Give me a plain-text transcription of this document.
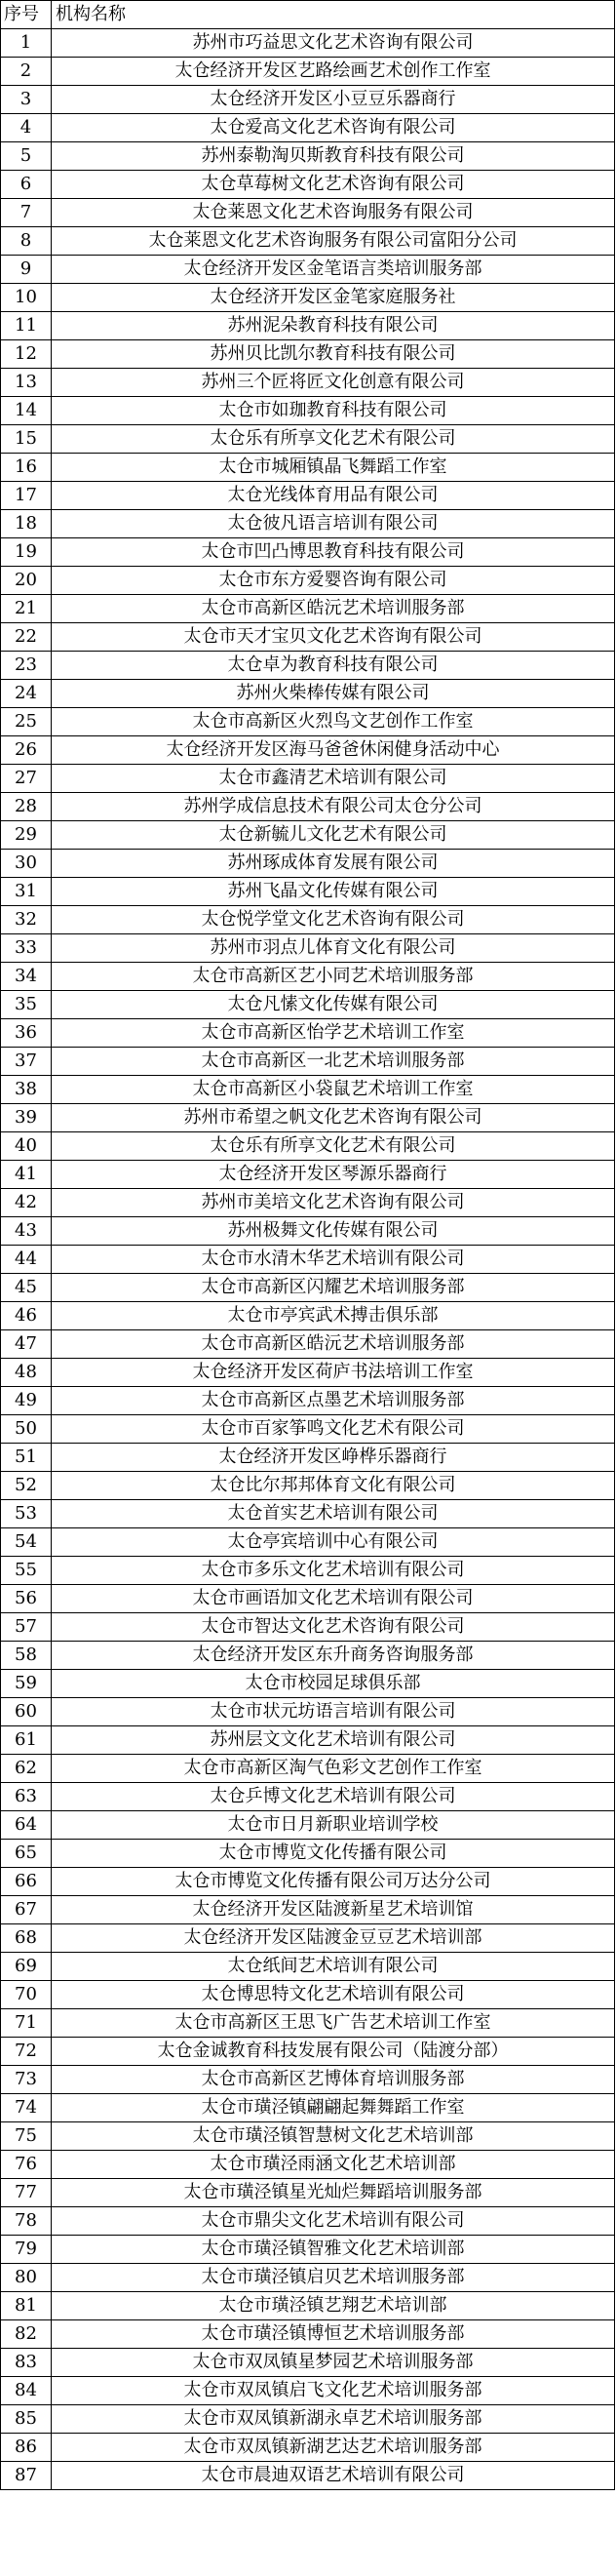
序号	机构名称
1	苏州市巧益思文化艺术咨询有限公司
2	太仓经济开发区艺路绘画艺术创作工作室
3	太仓经济开发区小豆豆乐器商行
4	太仓爱高文化艺术咨询有限公司
5	苏州泰勒淘贝斯教育科技有限公司
6	太仓草莓树文化艺术咨询有限公司
7	太仓莱恩文化艺术咨询服务有限公司
8	太仓莱恩文化艺术咨询服务有限公司富阳分公司
9	太仓经济开发区金笔语言类培训服务部
10	太仓经济开发区金笔家庭服务社
11	苏州泥朵教育科技有限公司
12	苏州贝比凯尔教育科技有限公司
13	苏州三个匠将匠文化创意有限公司
14	太仓市如珈教育科技有限公司
15	太仓乐有所享文化艺术有限公司
16	太仓市城厢镇晶飞舞蹈工作室
17	太仓光线体育用品有限公司
18	太仓彼凡语言培训有限公司
19	太仓市凹凸博思教育科技有限公司
20	太仓市东方爱婴咨询有限公司
21	太仓市高新区皓沅艺术培训服务部
22	太仓市天才宝贝文化艺术咨询有限公司
23	太仓卓为教育科技有限公司
24	苏州火柴棒传媒有限公司
25	太仓市高新区火烈鸟文艺创作工作室
26	太仓经济开发区海马爸爸休闲健身活动中心
27	太仓市鑫清艺术培训有限公司
28	苏州学成信息技术有限公司太仓分公司
29	太仓新毓儿文化艺术有限公司
30	苏州琢成体育发展有限公司
31	苏州飞晶文化传媒有限公司
32	太仓悦学堂文化艺术咨询有限公司
33	苏州市羽点儿体育文化有限公司
34	太仓市高新区艺小同艺术培训服务部
35	太仓凡愫文化传媒有限公司
36	太仓市高新区怡学艺术培训工作室
37	太仓市高新区一北艺术培训服务部
38	太仓市高新区小袋鼠艺术培训工作室
39	苏州市希望之帆文化艺术咨询有限公司
40	太仓乐有所享文化艺术有限公司
41	太仓经济开发区琴源乐器商行
42	苏州市美培文化艺术咨询有限公司
43	苏州极舞文化传媒有限公司
44	太仓市水清木华艺术培训有限公司
45	太仓市高新区闪耀艺术培训服务部
46	太仓市亭宾武术搏击俱乐部
47	太仓市高新区皓沅艺术培训服务部
48	太仓经济开发区荷庐书法培训工作室
49	太仓市高新区点墨艺术培训服务部
50	太仓市百家筝鸣文化艺术有限公司
51	太仓经济开发区峥桦乐器商行
52	太仓比尔邦邦体育文化有限公司
53	太仓首实艺术培训有限公司
54	太仓亭宾培训中心有限公司
55	太仓市多乐文化艺术培训有限公司
56	太仓市画语加文化艺术培训有限公司
57	太仓市智达文化艺术咨询有限公司
58	太仓经济开发区东升商务咨询服务部
59	太仓市校园足球俱乐部
60	太仓市状元坊语言培训有限公司
61	苏州层文文化艺术培训有限公司
62	太仓市高新区淘气色彩文艺创作工作室
63	太仓乒博文化艺术培训有限公司
64	太仓市日月新职业培训学校
65	太仓市博览文化传播有限公司
66	太仓市博览文化传播有限公司万达分公司
67	太仓经济开发区陆渡新星艺术培训馆
68	太仓经济开发区陆渡金豆豆艺术培训部
69	太仓纸间艺术培训有限公司
70	太仓博思特文化艺术培训有限公司
71	太仓市高新区王思飞广告艺术培训工作室
72	太仓金诚教育科技发展有限公司（陆渡分部）
73	太仓市高新区艺博体育培训服务部
74	太仓市璜泾镇翩翩起舞舞蹈工作室
75	太仓市璜泾镇智慧树文化艺术培训部
76	太仓市璜泾雨涵文化艺术培训部
77	太仓市璜泾镇星光灿烂舞蹈培训服务部
78	太仓市鼎尖文化艺术培训有限公司
79	太仓市璜泾镇智雅文化艺术培训部
80	太仓市璜泾镇启贝艺术培训服务部
81	太仓市璜泾镇艺翔艺术培训部
82	太仓市璜泾镇博恒艺术培训服务部
83	太仓市双凤镇星梦园艺术培训服务部
84	太仓市双凤镇启飞文化艺术培训服务部
85	太仓市双凤镇新湖永卓艺术培训服务部
86	太仓市双凤镇新湖艺达艺术培训服务部
87	太仓市晨迪双语艺术培训有限公司
